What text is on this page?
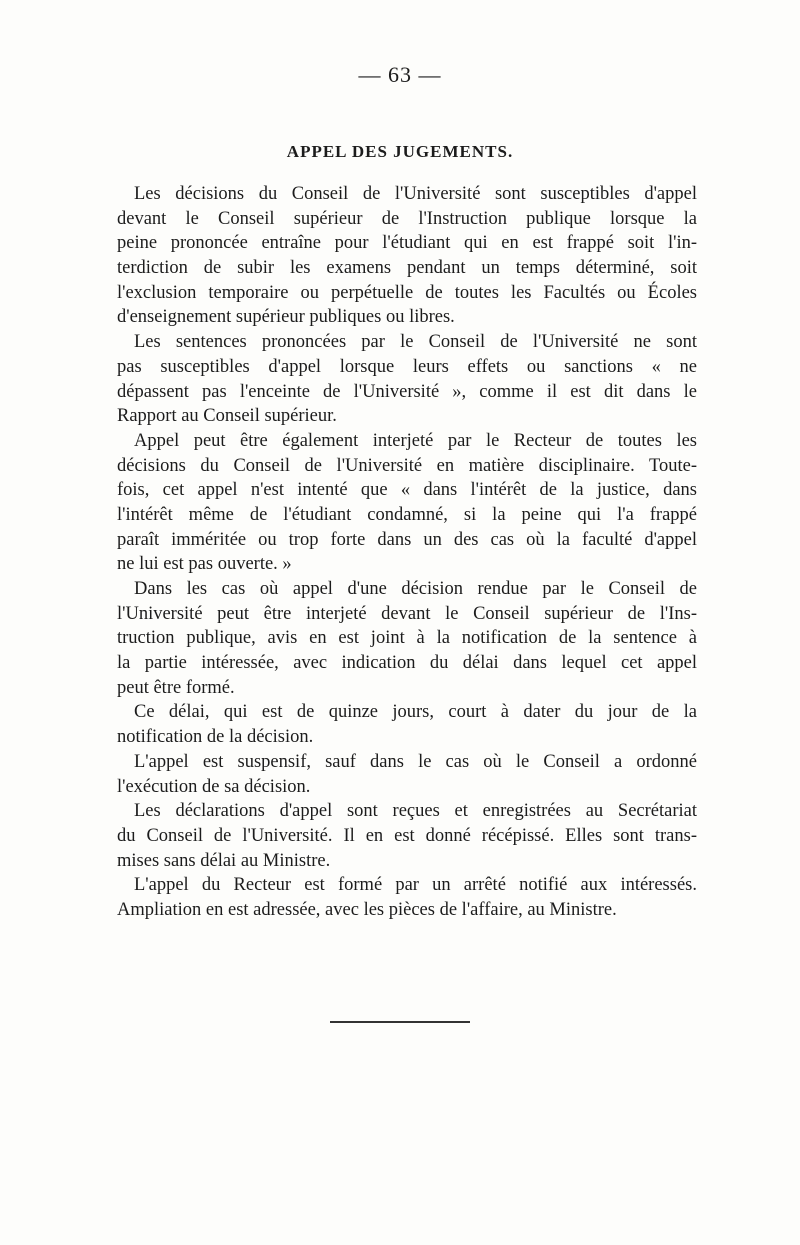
— 63 —
APPEL DES JUGEMENTS.
Les décisions du Conseil de l'Université sont susceptibles d'appel
devant le Conseil supérieur de l'Instruction publique lorsque la
peine prononcée entraîne pour l'étudiant qui en est frappé soit l'in-
terdiction de subir les examens pendant un temps déterminé, soit
l'exclusion temporaire ou perpétuelle de toutes les Facultés ou Écoles
d'enseignement supérieur publiques ou libres.
Les sentences prononcées par le Conseil de l'Université ne sont
pas susceptibles d'appel lorsque leurs effets ou sanctions « ne
dépassent pas l'enceinte de l'Université », comme il est dit dans le
Rapport au Conseil supérieur.
Appel peut être également interjeté par le Recteur de toutes les
décisions du Conseil de l'Université en matière disciplinaire. Toute-
fois, cet appel n'est intenté que « dans l'intérêt de la justice, dans
l'intérêt même de l'étudiant condamné, si la peine qui l'a frappé
paraît imméritée ou trop forte dans un des cas où la faculté d'appel
ne lui est pas ouverte. »
Dans les cas où appel d'une décision rendue par le Conseil de
l'Université peut être interjeté devant le Conseil supérieur de l'Ins-
truction publique, avis en est joint à la notification de la sentence à
la partie intéressée, avec indication du délai dans lequel cet appel
peut être formé.
Ce délai, qui est de quinze jours, court à dater du jour de la
notification de la décision.
L'appel est suspensif, sauf dans le cas où le Conseil a ordonné
l'exécution de sa décision.
Les déclarations d'appel sont reçues et enregistrées au Secrétariat
du Conseil de l'Université. Il en est donné récépissé. Elles sont trans-
mises sans délai au Ministre.
L'appel du Recteur est formé par un arrêté notifié aux intéressés.
Ampliation en est adressée, avec les pièces de l'affaire, au Ministre.
